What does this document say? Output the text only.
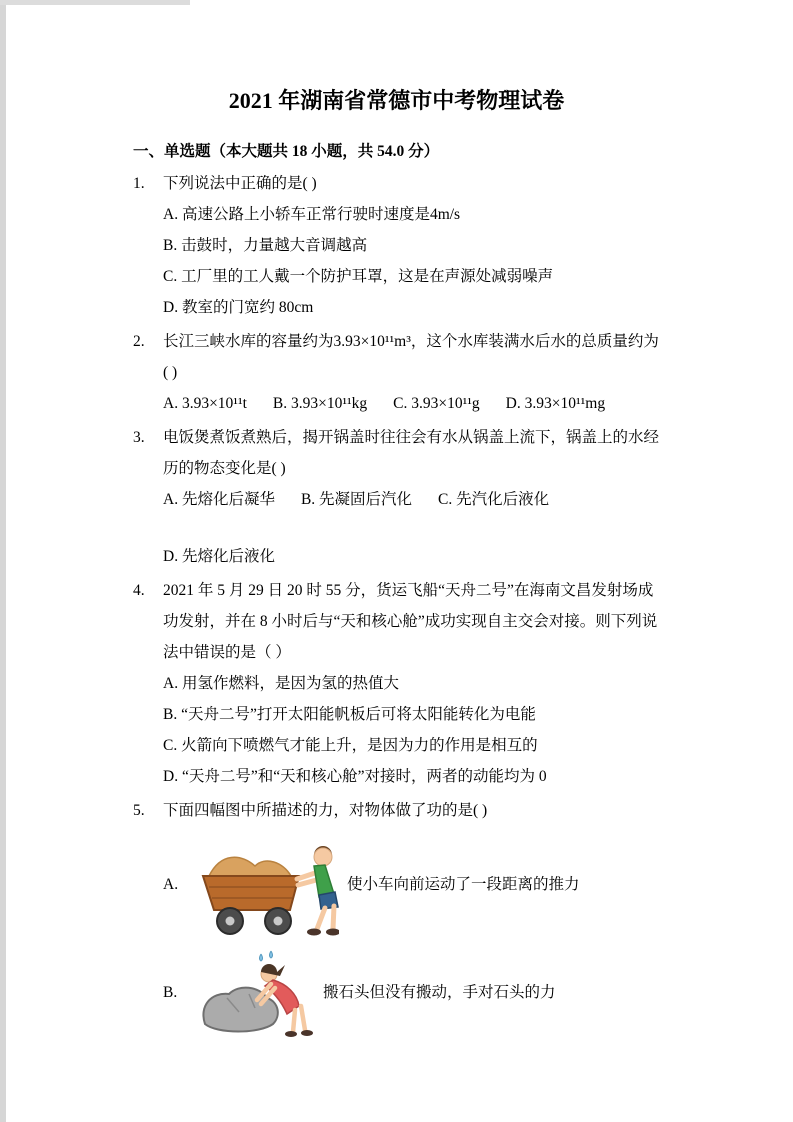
2021 年湖南省常德市中考物理试卷
一、单选题（本大题共 18 小题，共 54.0 分）
1.	下列说法中正确的是( )
A. 高速公路上小轿车正常行驶时速度是4m/s
B. 击鼓时，力量越大音调越高
C. 工厂里的工人戴一个防护耳罩，这是在声源处减弱噪声
D. 教室的门宽约 80cm
2.	长江三峡水库的容量约为3.93×10¹¹m³，这个水库装满水后水的总质量约为( )
A. 3.93×10¹¹t B. 3.93×10¹¹kg C. 3.93×10¹¹g D. 3.93×10¹¹mg
3.	电饭煲煮饭煮熟后，揭开锅盖时往往会有水从锅盖上流下，锅盖上的水经历的物态变化是( )
A. 先熔化后凝华 B. 先凝固后汽化 C. 先汽化后液化
D. 先熔化后液化
4.	2021 年 5 月 29 日 20 时 55 分，货运飞船“天舟二号”在海南文昌发射场成功发射，并在 8 小时后与“天和核心舱”成功实现自主交会对接。则下列说法中错误的是（ ）
A. 用氢作燃料，是因为氢的热值大
B. “天舟二号”打开太阳能帆板后可将太阳能转化为电能
C. 火箭向下喷燃气才能上升，是因为力的作用是相互的
D. “天舟二号”和“天和核心舱”对接时，两者的动能均为 0
5.	下面四幅图中所描述的力，对物体做了功的是( )
A.	使小车向前运动了一段距离的推力
B.	搬石头但没有搬动，手对石头的力
